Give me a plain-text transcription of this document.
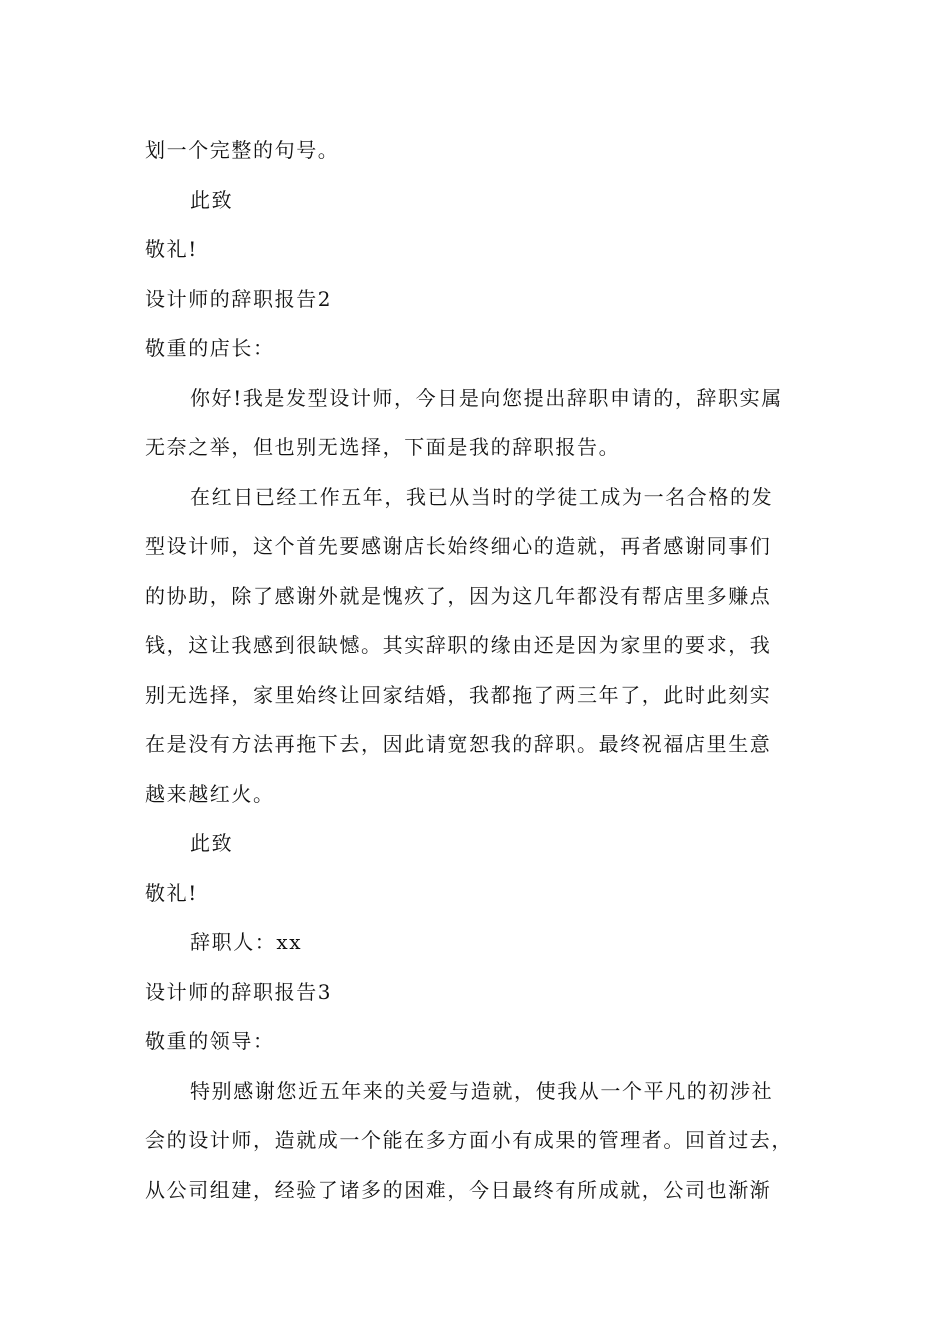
划一个完整的句号。
此致
敬礼!
设计师的辞职报告2
敬重的店长：
你好!我是发型设计师，今日是向您提出辞职申请的，辞职实属
无奈之举，但也别无选择，下面是我的辞职报告。
在红日已经工作五年，我已从当时的学徒工成为一名合格的发
型设计师，这个首先要感谢店长始终细心的造就，再者感谢同事们
的协助，除了感谢外就是愧疚了，因为这几年都没有帮店里多赚点
钱，这让我感到很缺憾。其实辞职的缘由还是因为家里的要求，我
别无选择，家里始终让回家结婚，我都拖了两三年了，此时此刻实
在是没有方法再拖下去，因此请宽恕我的辞职。最终祝福店里生意
越来越红火。
此致
敬礼!
辞职人：xx
设计师的辞职报告3
敬重的领导：
特别感谢您近五年来的关爱与造就，使我从一个平凡的初涉社
会的设计师，造就成一个能在多方面小有成果的管理者。回首过去，
从公司组建，经验了诸多的困难，今日最终有所成就，公司也渐渐
